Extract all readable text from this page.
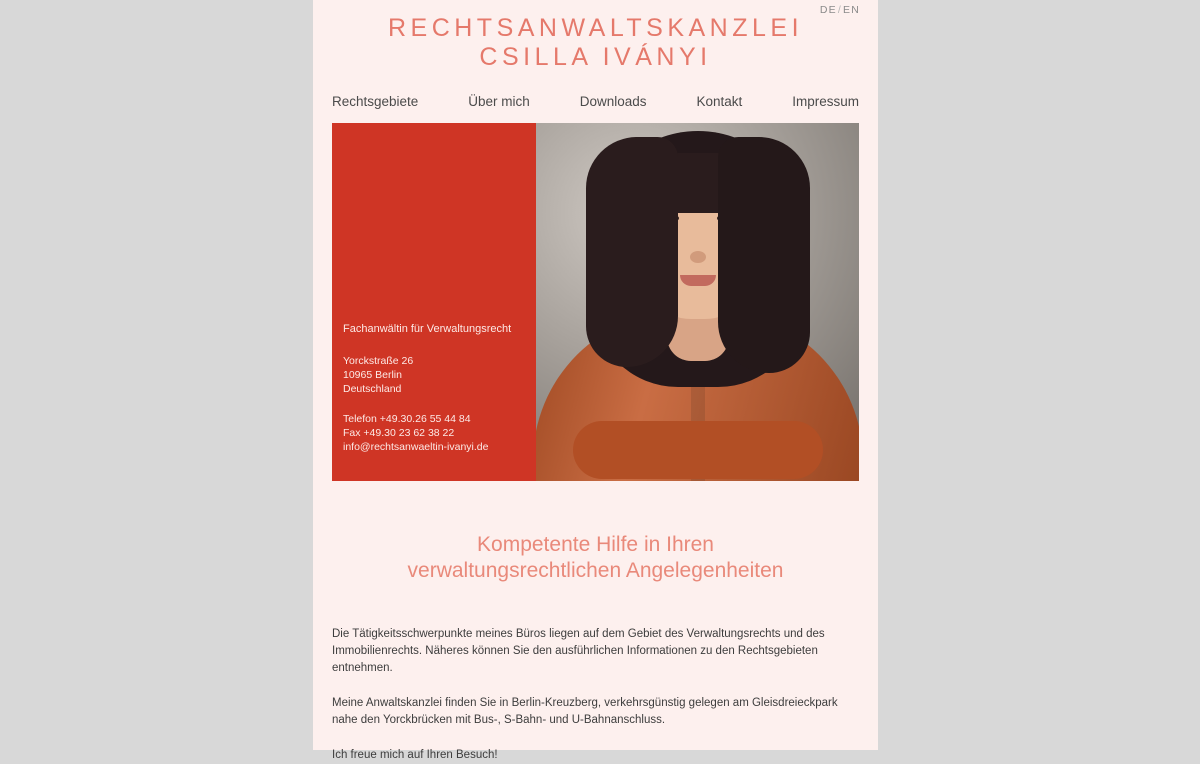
DE/EN
RECHTSANWALTSKANZLEI
CSILLA IVÁNYI
Rechtsgebiete	Über mich	Downloads	Kontakt	Impressum
Fachanwältin für Verwaltungsrecht
Yorckstraße 26
10965 Berlin
Deutschland
Telefon +49.30.26 55 44 84
Fax +49.30 23 62 38 22
info@rechtsanwaeltin-ivanyi.de
Kompetente Hilfe in Ihren verwaltungsrechtlichen Angelegenheiten

Die Tätigkeitsschwerpunkte meines Büros liegen auf dem Gebiet des Verwaltungsrechts und des Immobilienrechts. Näheres können Sie den ausführlichen Informationen zu den Rechtsgebieten entnehmen.

Meine Anwaltskanzlei finden Sie in Berlin-Kreuzberg, verkehrsgünstig gelegen am Gleisdreieckpark nahe den Yorckbrücken mit Bus-, S-Bahn- und U-Bahnanschluss.

Ich freue mich auf Ihren Besuch!
